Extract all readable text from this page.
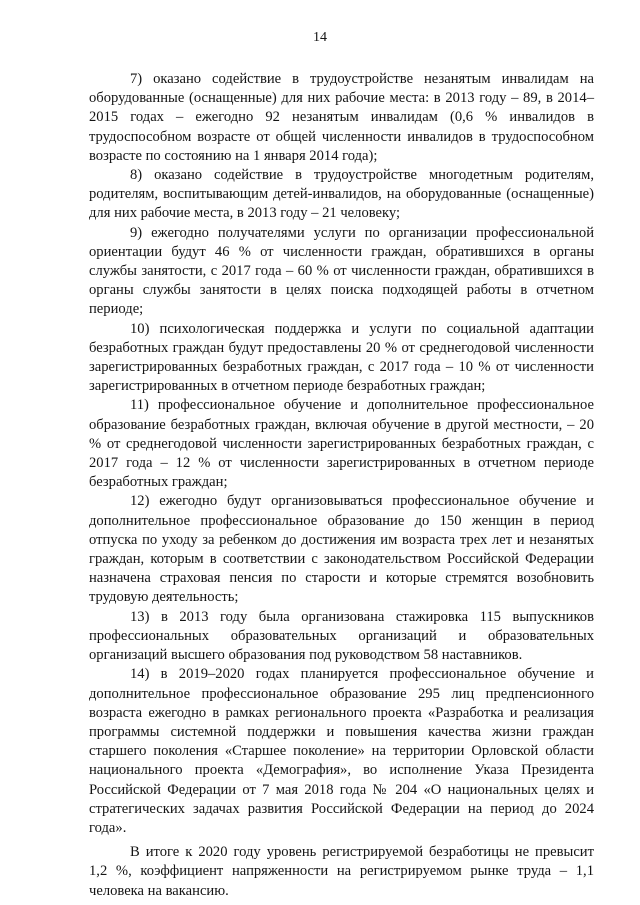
14

7) оказано содействие в трудоустройстве незанятым инвалидам на оборудованные (оснащенные) для них рабочие места: в 2013 году – 89, в 2014–2015 годах – ежегодно 92 незанятым инвалидам (0,6 % инвалидов в трудоспособном возрасте от общей численности инвалидов в трудоспособном возрасте по состоянию на 1 января 2014 года);

8) оказано содействие в трудоустройстве многодетным родителям, родителям, воспитывающим детей-инвалидов, на оборудованные (оснащенные) для них рабочие места, в 2013 году – 21 человеку;

9) ежегодно получателями услуги по организации профессиональной ориентации будут 46 % от численности граждан, обратившихся в органы службы занятости, с 2017 года – 60 % от численности граждан, обратившихся в органы службы занятости в целях поиска подходящей работы в отчетном периоде;

10) психологическая поддержка и услуги по социальной адаптации безработных граждан будут предоставлены 20 % от среднегодовой численности зарегистрированных безработных граждан, с 2017 года – 10 % от численности зарегистрированных в отчетном периоде безработных граждан;

11) профессиональное обучение и дополнительное профессиональное образование безработных граждан, включая обучение в другой местности, – 20 % от среднегодовой численности зарегистрированных безработных граждан, с 2017 года – 12 % от численности зарегистрированных в отчетном периоде безработных граждан;

12) ежегодно будут организовываться профессиональное обучение и дополнительное профессиональное образование до 150 женщин в период отпуска по уходу за ребенком до достижения им возраста трех лет и незанятых граждан, которым в соответствии с законодательством Российской Федерации назначена страховая пенсия по старости и которые стремятся возобновить трудовую деятельность;

13) в 2013 году была организована стажировка 115 выпускников профессиональных образовательных организаций и образовательных организаций высшего образования под руководством 58 наставников.

14) в 2019–2020 годах планируется профессиональное обучение и дополнительное профессиональное образование 295 лиц предпенсионного возраста ежегодно в рамках регионального проекта «Разработка и реализация программы системной поддержки и повышения качества жизни граждан старшего поколения «Старшее поколение» на территории Орловской области национального проекта «Демография», во исполнение Указа Президента Российской Федерации от 7 мая 2018 года № 204 «О национальных целях и стратегических задачах развития Российской Федерации на период до 2024 года».

В итоге к 2020 году уровень регистрируемой безработицы не превысит 1,2 %, коэффициент напряженности на регистрируемом рынке труда – 1,1 человека на вакансию.
